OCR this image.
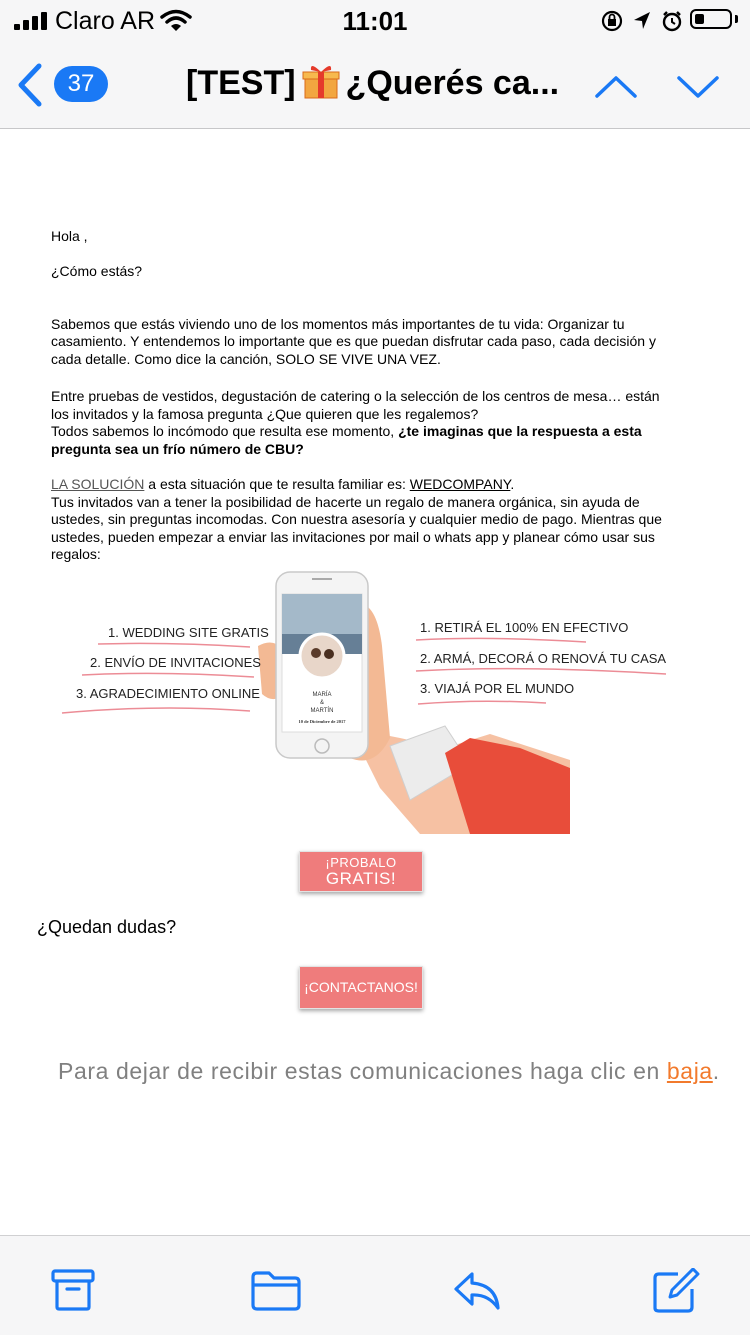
Claro AR	11:01
37	[TEST] ¿Querés ca...

Hola ,

¿Cómo estás?

Sabemos que estás viviendo uno de los momentos más importantes de tu vida: Organizar tu casamiento. Y entendemos lo importante que es que puedan disfrutar cada paso, cada decisión y cada detalle. Como dice la canción, SOLO SE VIVE UNA VEZ.

Entre pruebas de vestidos, degustación de catering o la selección de los centros de mesa… están los invitados y la famosa pregunta ¿Que quieren que les regalemos?

Todos sabemos lo incómodo que resulta ese momento, ¿te imaginas que la respuesta a esta pregunta sea un frío número de CBU?

LA SOLUCIÓN a esta situación que te resulta familiar es: WEDCOMPANY.

Tus invitados van a tener la posibilidad de hacerte un regalo de manera orgánica, sin ayuda de ustedes, sin preguntas incomodas. Con nuestra asesoría y cualquier medio de pago. Mientras que ustedes, pueden empezar a enviar las invitaciones por mail o whats app y planear cómo usar sus regalos:

MARÍA
&
MARTÍN
10 de Diciembre de 2017
1. WEDDING SITE GRATIS
2. ENVÍO DE INVITACIONES
3. AGRADECIMIENTO ONLINE
1. RETIRÁ EL 100% EN EFECTIVO
2. ARMÁ, DECORÁ O RENOVÁ TU CASA
3. VIAJÁ POR EL MUNDO
¡PROBALO
GRATIS!
¿Quedan dudas?
¡CONTACTANOS!
Para dejar de recibir estas comunicaciones haga clic en baja.
